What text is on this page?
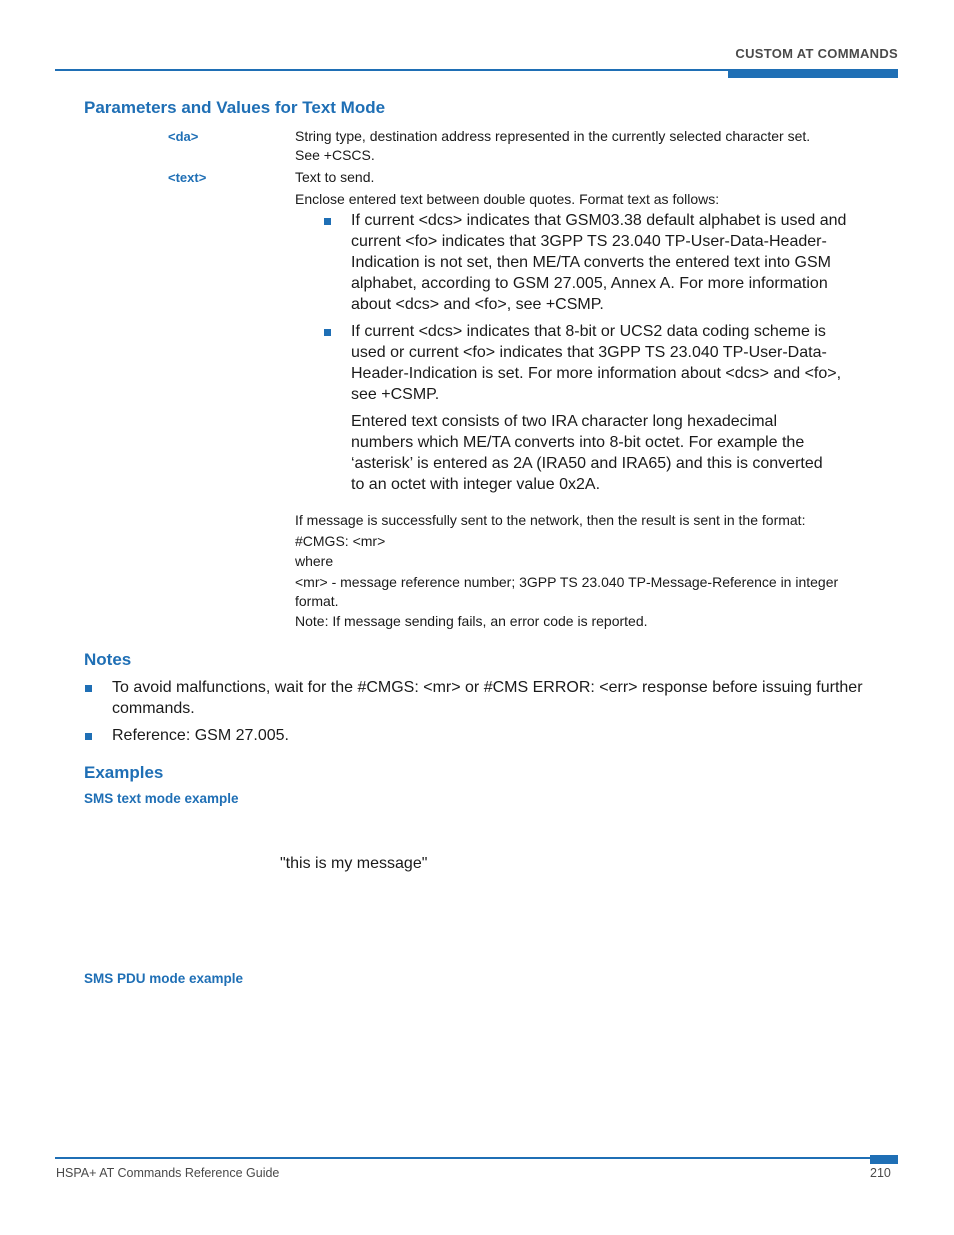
CUSTOM AT COMMANDS
Parameters and Values for Text Mode
<da>	String type, destination address represented in the currently selected character set.
See +CSCS.
<text>	Text to send.
Enclose entered text between double quotes. Format text as follows:
If current <dcs> indicates that GSM03.38 default alphabet is used and
current <fo> indicates that 3GPP TS 23.040 TP-User-Data-Header-
Indication is not set, then ME/TA converts the entered text into GSM
alphabet, according to GSM 27.005, Annex A. For more information
about <dcs> and <fo>, see +CSMP.
If current <dcs> indicates that 8-bit or UCS2 data coding scheme is
used or current <fo> indicates that 3GPP TS 23.040 TP-User-Data-
Header-Indication is set. For more information about <dcs> and <fo>,
see +CSMP.
Entered text consists of two IRA character long hexadecimal
numbers which ME/TA converts into 8-bit octet. For example the
‘asterisk’ is entered as 2A (IRA50 and IRA65) and this is converted
to an octet with integer value 0x2A.
If message is successfully sent to the network, then the result is sent in the format:
#CMGS: <mr>
where
<mr> - message reference number; 3GPP TS 23.040 TP-Message-Reference in integer
format.
Note: If message sending fails, an error code is reported.
Notes
To avoid malfunctions, wait for the #CMGS: <mr> or #CMS ERROR: <err> response before issuing further
commands.
Reference: GSM 27.005.
Examples
SMS text mode example
"this is my message"
SMS PDU mode example
HSPA+ AT Commands Reference Guide	210
